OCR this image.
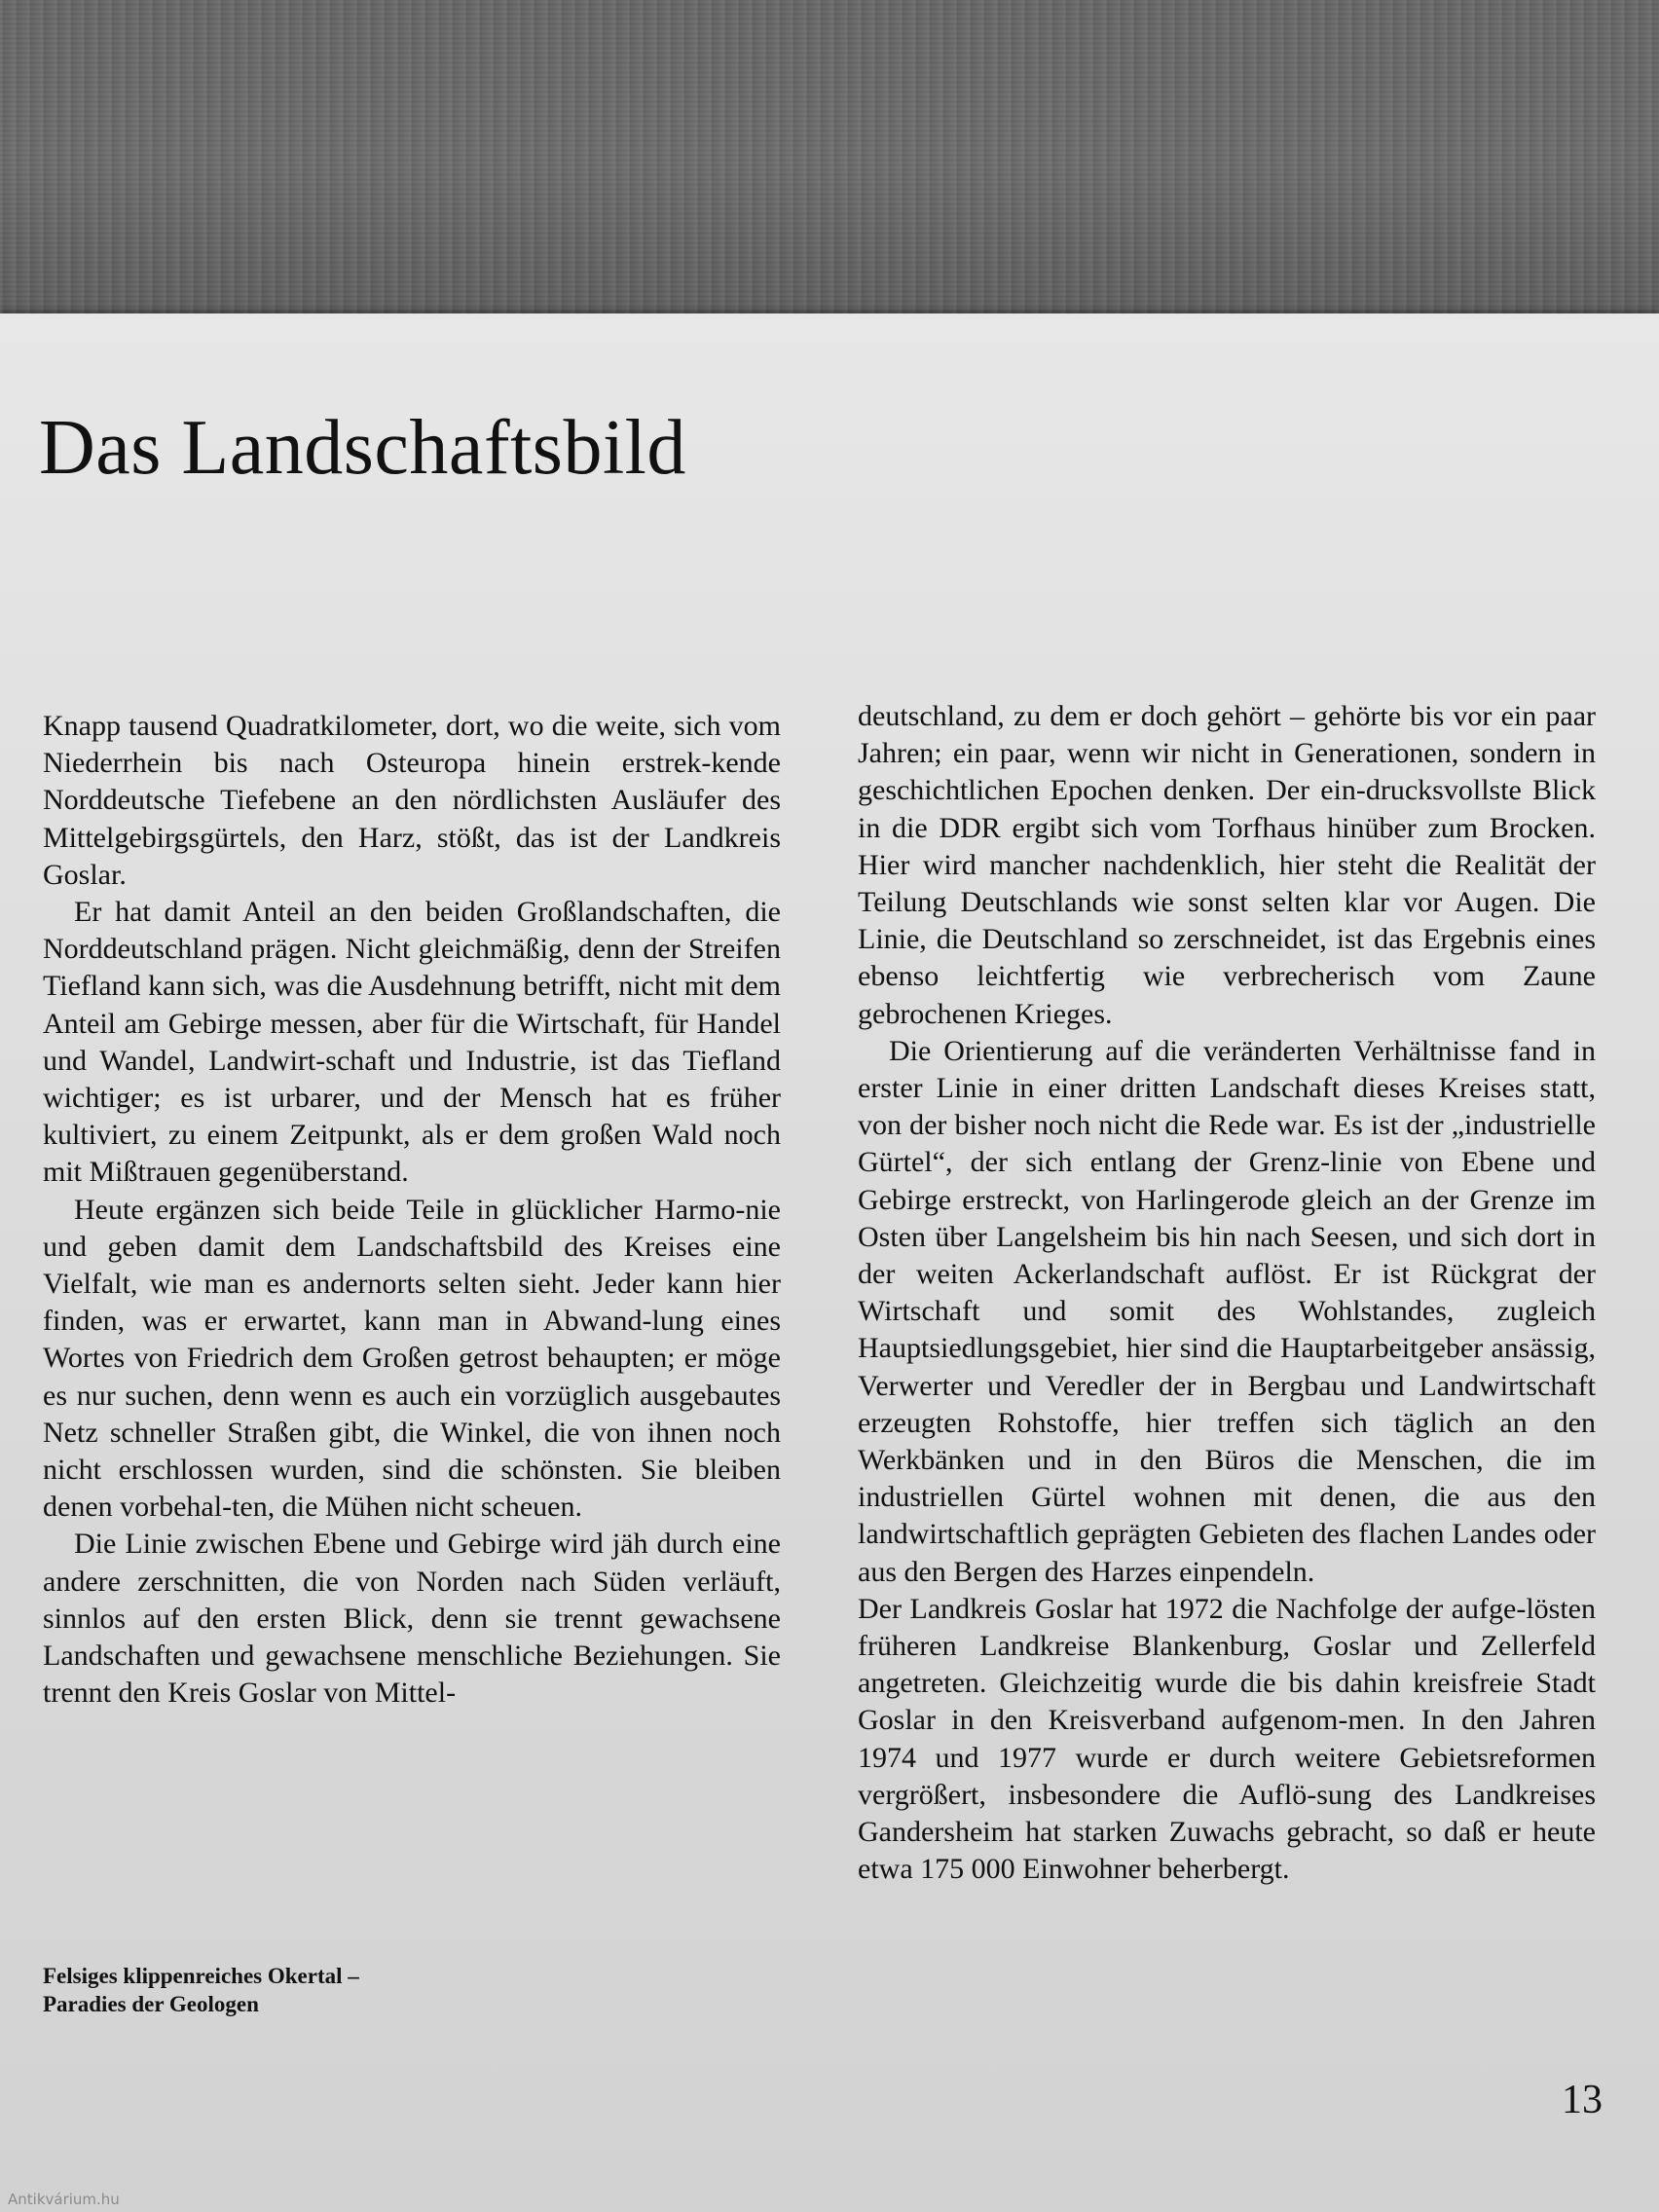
Das Landschaftsbild

Knapp tausend Quadratkilometer, dort, wo die weite, sich vom Niederrhein bis nach Osteuropa hinein erstrek-kende Norddeutsche Tiefebene an den nördlichsten Ausläufer des Mittelgebirgsgürtels, den Harz, stößt, das ist der Landkreis Goslar.

Er hat damit Anteil an den beiden Großlandschaften, die Norddeutschland prägen. Nicht gleichmäßig, denn der Streifen Tiefland kann sich, was die Ausdehnung betrifft, nicht mit dem Anteil am Gebirge messen, aber für die Wirtschaft, für Handel und Wandel, Landwirt-schaft und Industrie, ist das Tiefland wichtiger; es ist urbarer, und der Mensch hat es früher kultiviert, zu einem Zeitpunkt, als er dem großen Wald noch mit Mißtrauen gegenüberstand.

Heute ergänzen sich beide Teile in glücklicher Harmo-nie und geben damit dem Landschaftsbild des Kreises eine Vielfalt, wie man es andernorts selten sieht. Jeder kann hier finden, was er erwartet, kann man in Abwand-lung eines Wortes von Friedrich dem Großen getrost behaupten; er möge es nur suchen, denn wenn es auch ein vorzüglich ausgebautes Netz schneller Straßen gibt, die Winkel, die von ihnen noch nicht erschlossen wurden, sind die schönsten. Sie bleiben denen vorbehal-ten, die Mühen nicht scheuen.

Die Linie zwischen Ebene und Gebirge wird jäh durch eine andere zerschnitten, die von Norden nach Süden verläuft, sinnlos auf den ersten Blick, denn sie trennt gewachsene Landschaften und gewachsene menschliche Beziehungen. Sie trennt den Kreis Goslar von Mittel-

deutschland, zu dem er doch gehört – gehörte bis vor ein paar Jahren; ein paar, wenn wir nicht in Generationen, sondern in geschichtlichen Epochen denken. Der ein-drucksvollste Blick in die DDR ergibt sich vom Torfhaus hinüber zum Brocken. Hier wird mancher nachdenklich, hier steht die Realität der Teilung Deutschlands wie sonst selten klar vor Augen. Die Linie, die Deutschland so zerschneidet, ist das Ergebnis eines ebenso leichtfertig wie verbrecherisch vom Zaune gebrochenen Krieges.

Die Orientierung auf die veränderten Verhältnisse fand in erster Linie in einer dritten Landschaft dieses Kreises statt, von der bisher noch nicht die Rede war. Es ist der „industrielle Gürtel“, der sich entlang der Grenz-linie von Ebene und Gebirge erstreckt, von Harlingerode gleich an der Grenze im Osten über Langelsheim bis hin nach Seesen, und sich dort in der weiten Ackerlandschaft auflöst. Er ist Rückgrat der Wirtschaft und somit des Wohlstandes, zugleich Hauptsiedlungsgebiet, hier sind die Hauptarbeitgeber ansässig, Verwerter und Veredler der in Bergbau und Landwirtschaft erzeugten Rohstoffe, hier treffen sich täglich an den Werkbänken und in den Büros die Menschen, die im industriellen Gürtel wohnen mit denen, die aus den landwirtschaftlich geprägten Gebieten des flachen Landes oder aus den Bergen des Harzes einpendeln.

Der Landkreis Goslar hat 1972 die Nachfolge der aufge-lösten früheren Landkreise Blankenburg, Goslar und Zellerfeld angetreten. Gleichzeitig wurde die bis dahin kreisfreie Stadt Goslar in den Kreisverband aufgenom-men. In den Jahren 1974 und 1977 wurde er durch weitere Gebietsreformen vergrößert, insbesondere die Auflö-sung des Landkreises Gandersheim hat starken Zuwachs gebracht, so daß er heute etwa 175 000 Einwohner beherbergt.

Felsiges klippenreiches Okertal –
Paradies der Geologen
13
Antikvárium.hu
